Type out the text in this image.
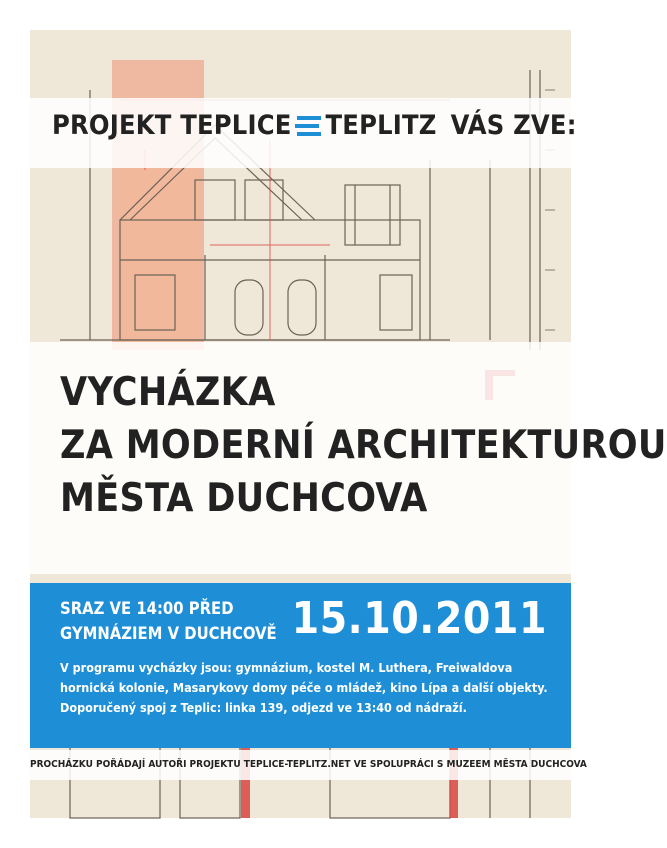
PROJEKT TEPLICE TEPLITZ VÁS ZVE:
VYCHÁZKA
ZA MODERNÍ ARCHITEKTUROU
MĚSTA DUCHCOVA
SRAZ VE 14:00 PŘED
GYMNÁZIEM V DUCHCOVĚ 15.10.2011
V programu vycházky jsou: gymnázium, kostel M. Luthera, Freiwaldova
hornická kolonie, Masarykovy domy péče o mládež, kino Lípa a další objekty.
Doporučený spoj z Teplic: linka 139, odjezd ve 13:40 od nádraží.
PROCHÁZKU POŘÁDAJÍ AUTOŘI PROJEKTU TEPLICE-TEPLITZ.NET VE SPOLUPRÁCI S MUZEEM MĚSTA DUCHCOVA
